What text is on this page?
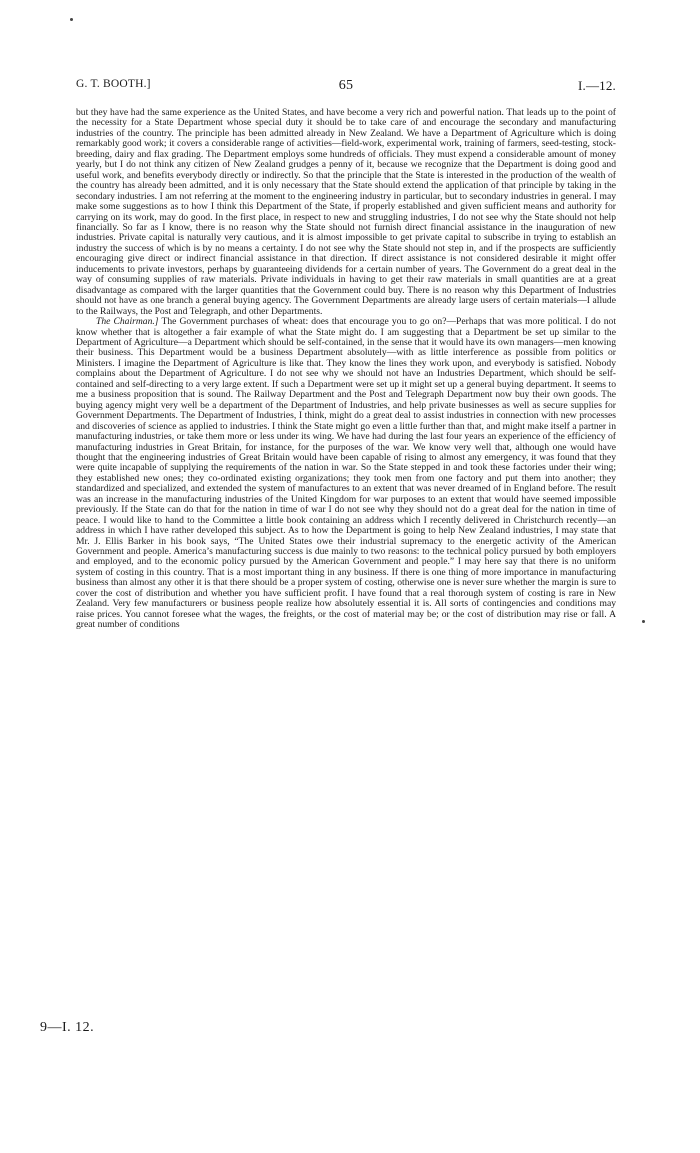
G. T. BOOTH.]	65	I.—12.

but they have had the same experience as the United States, and have become a very rich and powerful nation. That leads up to the point of the necessity for a State Department whose special duty it should be to take care of and encourage the secondary and manufacturing industries of the country. The principle has been admitted already in New Zealand. We have a Department of Agriculture which is doing remarkably good work; it covers a considerable range of activities—field-work, experimental work, training of farmers, seed-testing, stock-breeding, dairy and flax grading. The Department employs some hundreds of officials. They must expend a considerable amount of money yearly, but I do not think any citizen of New Zealand grudges a penny of it, because we recognize that the Department is doing good and useful work, and benefits everybody directly or indirectly. So that the principle that the State is interested in the production of the wealth of the country has already been admitted, and it is only necessary that the State should extend the application of that principle by taking in the secondary industries. I am not referring at the moment to the engineering industry in particular, but to secondary industries in general. I may make some suggestions as to how I think this Department of the State, if properly established and given sufficient means and authority for carrying on its work, may do good. In the first place, in respect to new and struggling industries, I do not see why the State should not help financially. So far as I know, there is no reason why the State should not furnish direct financial assistance in the inauguration of new industries. Private capital is naturally very cautious, and it is almost impossible to get private capital to subscribe in trying to establish an industry the success of which is by no means a certainty. I do not see why the State should not step in, and if the prospects are sufficiently encouraging give direct or indirect financial assistance in that direction. If direct assistance is not considered desirable it might offer inducements to private investors, perhaps by guaranteeing dividends for a certain number of years. The Government do a great deal in the way of consuming supplies of raw materials. Private individuals in having to get their raw materials in small quantities are at a great disadvantage as compared with the larger quantities that the Government could buy. There is no reason why this Department of Industries should not have as one branch a general buying agency. The Government Departments are already large users of certain materials—I allude to the Railways, the Post and Telegraph, and other Departments.

The Chairman.] The Government purchases of wheat: does that encourage you to go on?—Perhaps that was more political. I do not know whether that is altogether a fair example of what the State might do. I am suggesting that a Department be set up similar to the Department of Agriculture—a Department which should be self-contained, in the sense that it would have its own managers—men knowing their business. This Department would be a business Department absolutely—with as little interference as possible from politics or Ministers. I imagine the Department of Agriculture is like that. They know the lines they work upon, and everybody is satisfied. Nobody complains about the Department of Agriculture. I do not see why we should not have an Industries Department, which should be self-contained and self-directing to a very large extent. If such a Department were set up it might set up a general buying department. It seems to me a business proposition that is sound. The Railway Department and the Post and Telegraph Department now buy their own goods. The buying agency might very well be a department of the Department of Industries, and help private businesses as well as secure supplies for Government Departments. The Department of Industries, I think, might do a great deal to assist industries in connection with new processes and discoveries of science as applied to industries. I think the State might go even a little further than that, and might make itself a partner in manufacturing industries, or take them more or less under its wing. We have had during the last four years an experience of the efficiency of manufacturing industries in Great Britain, for instance, for the purposes of the war. We know very well that, although one would have thought that the engineering industries of Great Britain would have been capable of rising to almost any emergency, it was found that they were quite incapable of supplying the requirements of the nation in war. So the State stepped in and took these factories under their wing; they established new ones; they co-ordinated existing organizations; they took men from one factory and put them into another; they standardized and specialized, and extended the system of manufactures to an extent that was never dreamed of in England before. The result was an increase in the manufacturing industries of the United Kingdom for war purposes to an extent that would have seemed impossible previously. If the State can do that for the nation in time of war I do not see why they should not do a great deal for the nation in time of peace. I would like to hand to the Committee a little book containing an address which I recently delivered in Christchurch recently—an address in which I have rather developed this subject. As to how the Department is going to help New Zealand industries, I may state that Mr. J. Ellis Barker in his book says, “The United States owe their industrial supremacy to the energetic activity of the American Government and people. America’s manufacturing success is due mainly to two reasons: to the technical policy pursued by both employers and employed, and to the economic policy pursued by the American Government and people.” I may here say that there is no uniform system of costing in this country. That is a most important thing in any business. If there is one thing of more importance in manufacturing business than almost any other it is that there should be a proper system of costing, otherwise one is never sure whether the margin is sure to cover the cost of distribution and whether you have sufficient profit. I have found that a real thorough system of costing is rare in New Zealand. Very few manufacturers or business people realize how absolutely essential it is. All sorts of contingencies and conditions may raise prices. You cannot foresee what the wages, the freights, or the cost of material may be; or the cost of distribution may rise or fall. A great number of conditions

9—I. 12.
